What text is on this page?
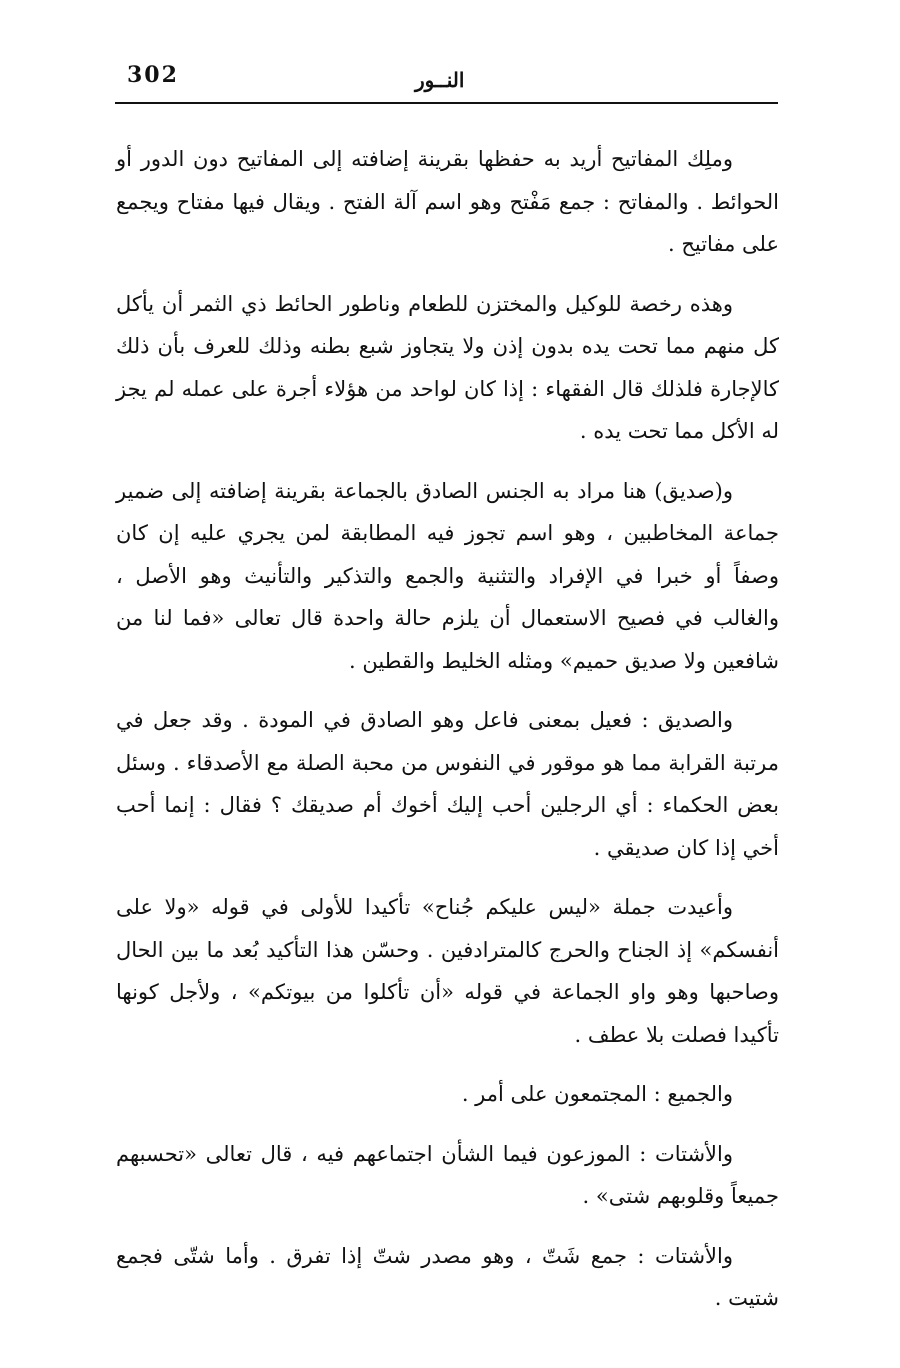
302	النــور

وملِك المفاتيح أريد به حفظها بقرينة إضافته إلى المفاتيح دون الدور أو الحوائط . والمفاتح : جمع مَفْتح وهو اسم آلة الفتح . ويقال فيها مفتاح ويجمع على مفاتيح .

وهذه رخصة للوكيل والمختزن للطعام وناطور الحائط ذي الثمر أن يأكل كل منهم مما تحت يده بدون إذن ولا يتجاوز شبع بطنه وذلك للعرف بأن ذلك كالإجارة فلذلك قال الفقهاء : إذا كان لواحد من هؤلاء أجرة على عمله لم يجز له الأكل مما تحت يده .

و(صديق) هنا مراد به الجنس الصادق بالجماعة بقرينة إضافته إلى ضمير جماعة المخاطبين ، وهو اسم تجوز فيه المطابقة لمن يجري عليه إن كان وصفاً أو خبرا في الإفراد والتثنية والجمع والتذكير والتأنيث وهو الأصل ، والغالب في فصيح الاستعمال أن يلزم حالة واحدة قال تعالى «فما لنا من شافعين ولا صديق حميم» ومثله الخليط والقطين .

والصديق : فعيل بمعنى فاعل وهو الصادق في المودة . وقد جعل في مرتبة القرابة مما هو موقور في النفوس من محبة الصلة مع الأصدقاء . وسئل بعض الحكماء : أي الرجلين أحب إليك أخوك أم صديقك ؟ فقال : إنما أحب أخي إذا كان صديقي .

وأعيدت جملة «ليس عليكم جُناح» تأكيدا للأولى في قوله «ولا على أنفسكم» إذ الجناح والحرج كالمترادفين . وحسّن هذا التأكيد بُعد ما بين الحال وصاحبها وهو واو الجماعة في قوله «أن تأكلوا من بيوتكم» ، ولأجل كونها تأكيدا فصلت بلا عطف .

والجميع : المجتمعون على أمر .

والأشتات : الموزعون فيما الشأن اجتماعهم فيه ، قال تعالى «تحسبهم جميعاً وقلوبهم شتى» .

والأشتات : جمع شَتّ ، وهو مصدر شتّ إذا تفرق . وأما شتّى فجمع شتيت .
